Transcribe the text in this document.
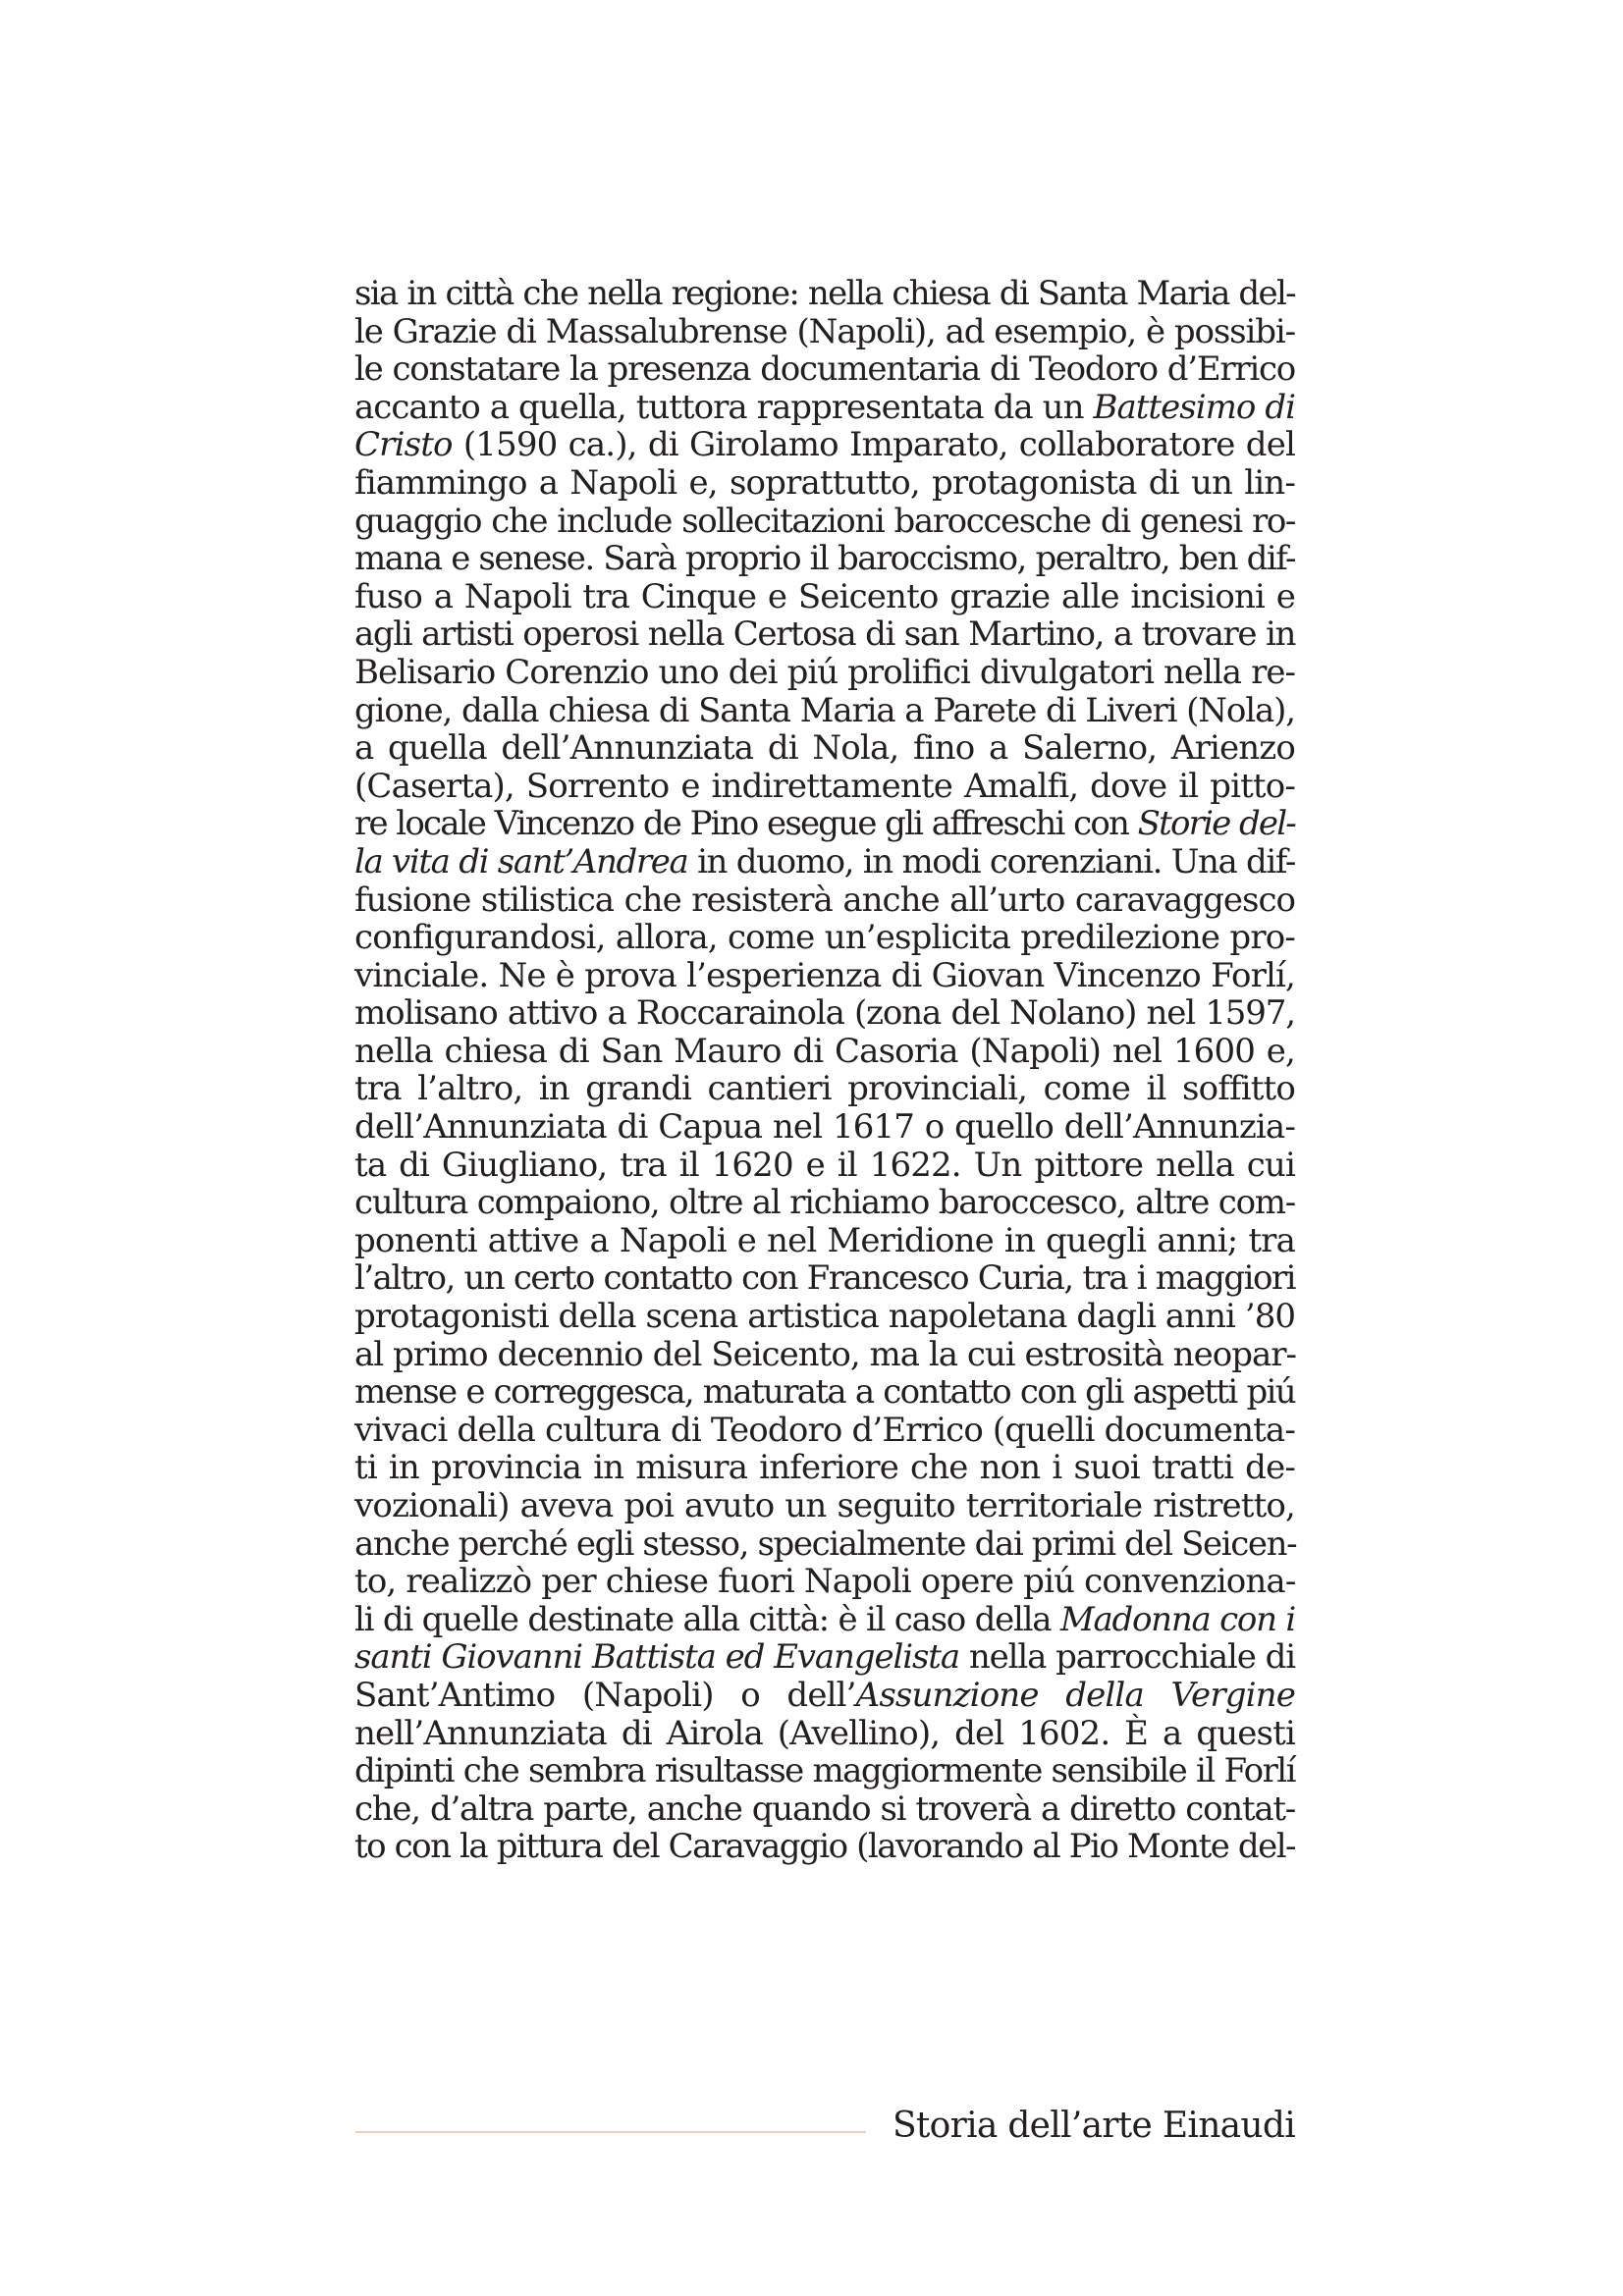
sia in città che nella regione: nella chiesa di Santa Maria del-
le Grazie di Massalubrense (Napoli), ad esempio, è possibi-
le constatare la presenza documentaria di Teodoro d’Errico
accanto a quella, tuttora rappresentata da un Battesimo di
Cristo (1590 ca.), di Girolamo Imparato, collaboratore del
fiammingo a Napoli e, soprattutto, protagonista di un lin-
guaggio che include sollecitazioni baroccesche di genesi ro-
mana e senese. Sarà proprio il baroccismo, peraltro, ben dif-
fuso a Napoli tra Cinque e Seicento grazie alle incisioni e
agli artisti operosi nella Certosa di san Martino, a trovare in
Belisario Corenzio uno dei piú prolifici divulgatori nella re-
gione, dalla chiesa di Santa Maria a Parete di Liveri (Nola),
a quella dell’Annunziata di Nola, fino a Salerno, Arienzo
(Caserta), Sorrento e indirettamente Amalfi, dove il pitto-
re locale Vincenzo de Pino esegue gli affreschi con Storie del-
la vita di sant’Andrea in duomo, in modi corenziani. Una dif-
fusione stilistica che resisterà anche all’urto caravaggesco
configurandosi, allora, come un’esplicita predilezione pro-
vinciale. Ne è prova l’esperienza di Giovan Vincenzo Forlí,
molisano attivo a Roccarainola (zona del Nolano) nel 1597,
nella chiesa di San Mauro di Casoria (Napoli) nel 1600 e,
tra l’altro, in grandi cantieri provinciali, come il soffitto
dell’Annunziata di Capua nel 1617 o quello dell’Annunzia-
ta di Giugliano, tra il 1620 e il 1622. Un pittore nella cui
cultura compaiono, oltre al richiamo baroccesco, altre com-
ponenti attive a Napoli e nel Meridione in quegli anni; tra
l’altro, un certo contatto con Francesco Curia, tra i maggiori
protagonisti della scena artistica napoletana dagli anni ’80
al primo decennio del Seicento, ma la cui estrosità neopar-
mense e correggesca, maturata a contatto con gli aspetti piú
vivaci della cultura di Teodoro d’Errico (quelli documenta-
ti in provincia in misura inferiore che non i suoi tratti de-
vozionali) aveva poi avuto un seguito territoriale ristretto,
anche perché egli stesso, specialmente dai primi del Seicen-
to, realizzò per chiese fuori Napoli opere piú convenziona-
li di quelle destinate alla città: è il caso della Madonna con i
santi Giovanni Battista ed Evangelista nella parrocchiale di
Sant’Antimo (Napoli) o dell’Assunzione della Vergine
nell’Annunziata di Airola (Avellino), del 1602. È a questi
dipinti che sembra risultasse maggiormente sensibile il Forlí
che, d’altra parte, anche quando si troverà a diretto contat-
to con la pittura del Caravaggio (lavorando al Pio Monte del-
Storia dell’arte Einaudi
